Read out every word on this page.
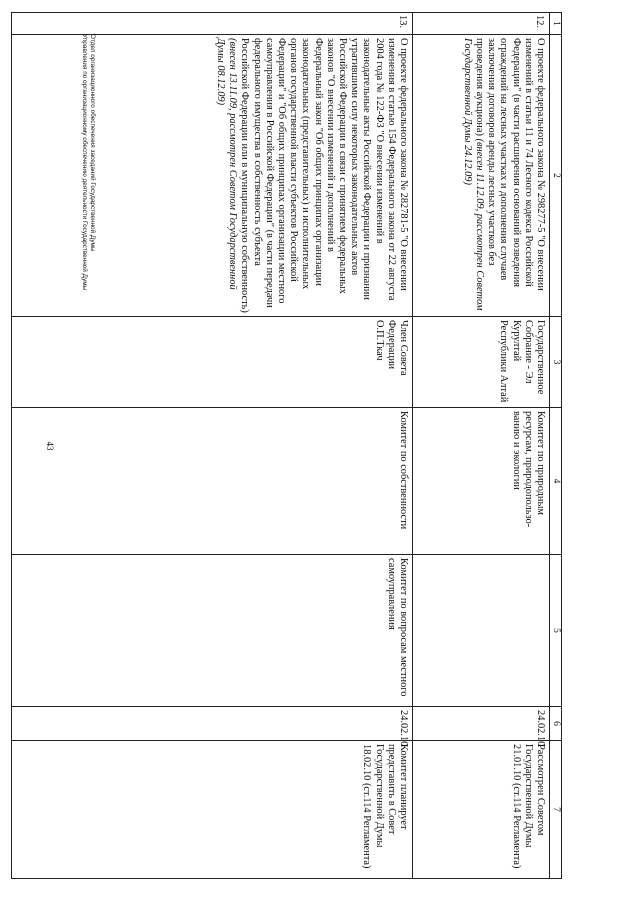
43
1	2	3	4	5	6	7

12.	О проекте федерального закона № 298277-5 "О внесении изменений в статьи 11 и 74 Лесного кодекса Российской Федерации" (в части расширения оснований возведения ограждений на лесных участках и дополнения случаев заключения договоров аренды лесных участков без проведения аукциона) (внесен 11.12.09, рассмотрен Советом Государственной Думы 24.12.09)	Государственное Собрание - Эл Курултай Республики Алтай	Комитет по природным ресурсам, природопользо-ванию и экологии		24.02.10	Рассмотрен Советом Государственной Думы 21.01.10 (ст.114 Регламента)

13.	О проекте федерального закона № 282781-5 "О внесении изменения в статью 154 Федерального закона от 22 августа 2004 года № 122-ФЗ "О внесении изменений в законодательные акты Российской Федерации и признании утратившими силу некоторых законодательных актов Российской Федерации в связи с принятием федеральных законов "О внесении изменений и дополнений в Федеральный закон "Об общих принципах организации законодательных (представительных) и исполнительных органов государственной власти субъектов Российской Федерации" и "Об общих принципах организации местного самоуправления в Российской Федерации" (в части передачи федерального имущества в собственность субъекта Российской Федерации или в муниципальную собственность) (внесен 13.11.09, рассмотрен Советом Государственной Думы 08.12.09)	Член Совета Федерации О.П.Ткач	Комитет по собственности	Комитет по вопросам местного самоуправления	24.02.10	Комитет планирует представить в Совет Государственной Думы 18.02.10 (ст.114 Регламента)
Отдел организационного обеспечения заседаний Государственной Думы
Управления по организационному обеспечению деятельности Государственной Думы
